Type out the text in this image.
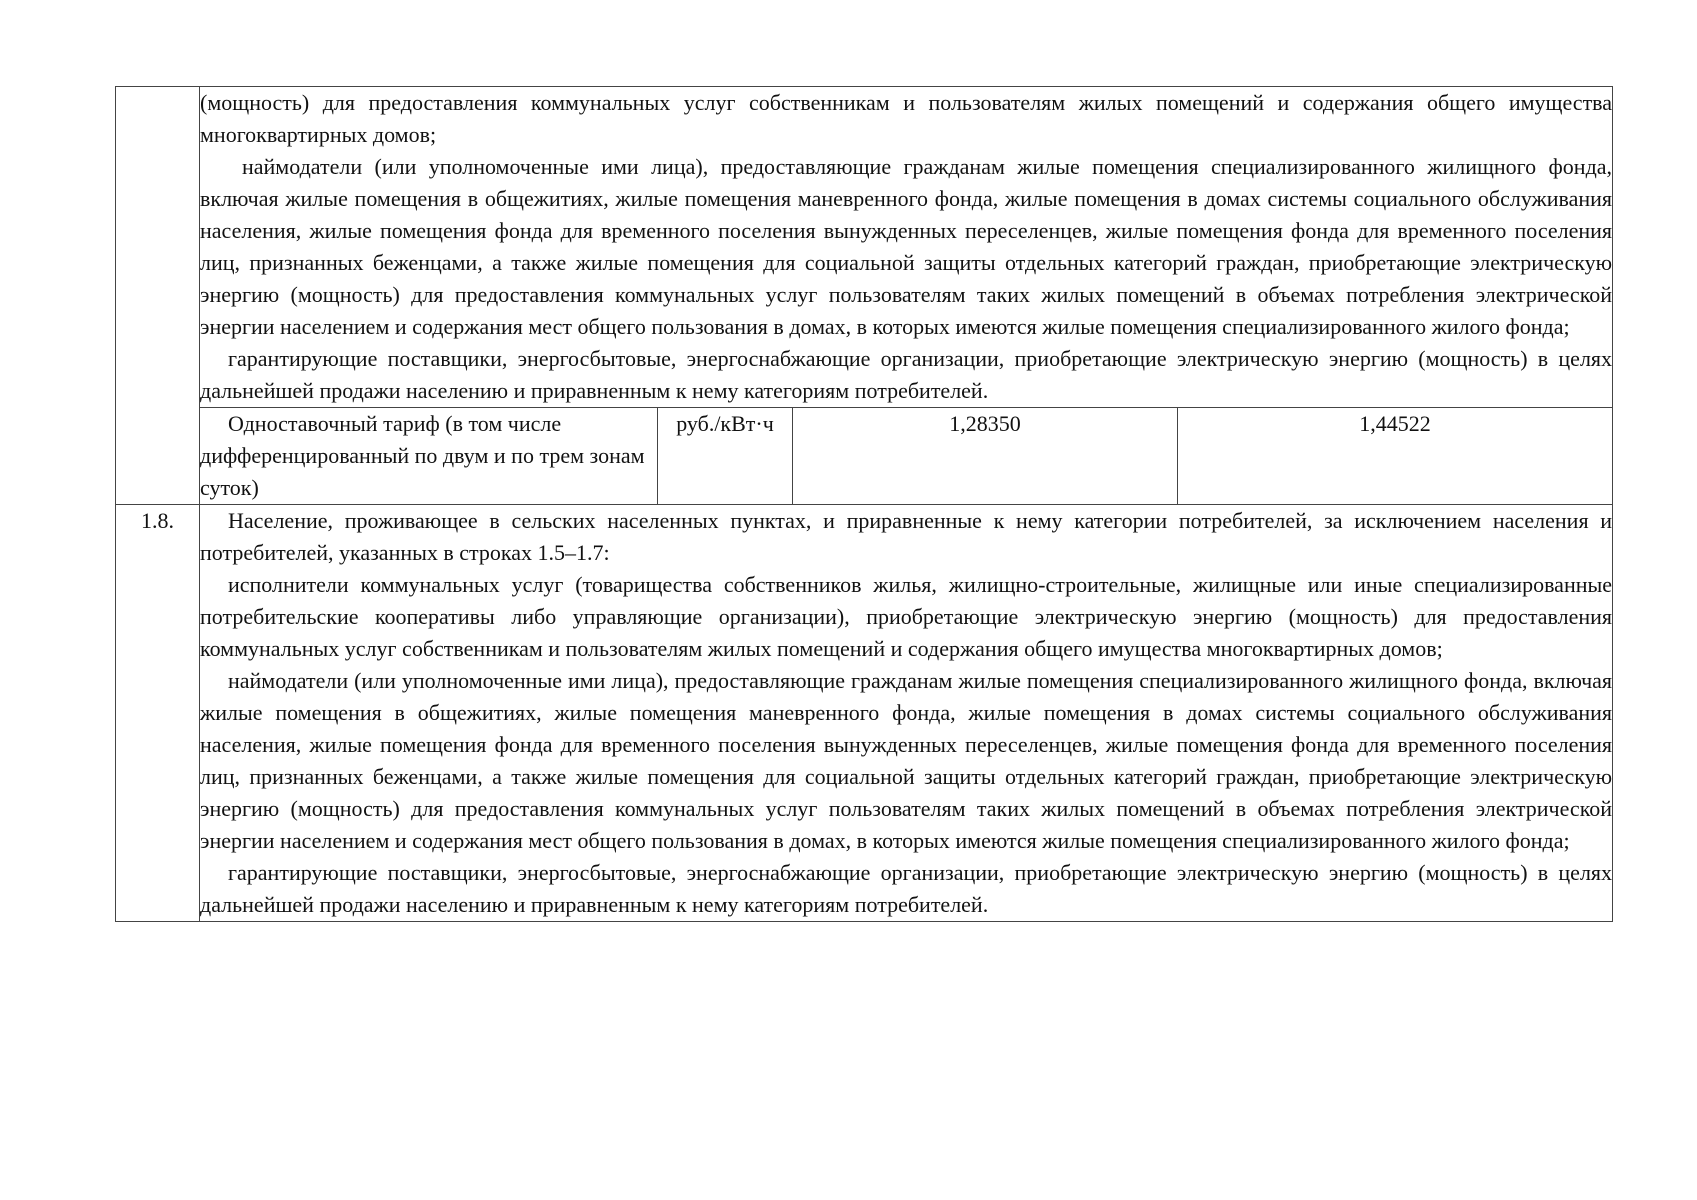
	(мощность) для предоставления коммунальных услуг собственникам и пользователям жилых помещений и содержания общего имущества многоквартирных домов;

наймодатели (или уполномоченные ими лица), предоставляющие гражданам жилые помещения специализированного жилищного фонда, включая жилые помещения в общежитиях, жилые помещения маневренного фонда, жилые помещения в домах системы социального обслуживания населения, жилые помещения фонда для временного поселения вынужденных переселенцев, жилые помещения фонда для временного поселения лиц, признанных беженцами, а также жилые помещения для социальной защиты отдельных категорий граждан, приобретающие электрическую энергию (мощность) для предоставления коммунальных услуг пользователям таких жилых помещений в объемах потребления электрической энергии населением и содержания мест общего пользования в домах, в которых имеются жилые помещения специализированного жилого фонда;

гарантирующие поставщики, энергосбытовые, энергоснабжающие организации, приобретающие электрическую энергию (мощность) в целях дальнейшей продажи населению и приравненным к нему категориям потребителей.			

	Одноставочный тариф (в том числе дифференцированный по двум и по трем зонам суток)	руб./кВт·ч	1,28350	1,44522
1.8.	Население, проживающее в сельских населенных пунктах, и приравненные к нему категории потребителей, за исключением населения и потребителей, указанных в строках 1.5–1.7:

исполнители коммунальных услуг (товарищества собственников жилья, жилищно-строительные, жилищные или иные специализированные потребительские кооперативы либо управляющие организации), приобретающие электрическую энергию (мощность) для предоставления коммунальных услуг собственникам и пользователям жилых помещений и содержания общего имущества многоквартирных домов;

наймодатели (или уполномоченные ими лица), предоставляющие гражданам жилые помещения специализированного жилищного фонда, включая жилые помещения в общежитиях, жилые помещения маневренного фонда, жилые помещения в домах системы социального обслуживания населения, жилые помещения фонда для временного поселения вынужденных переселенцев, жилые помещения фонда для временного поселения лиц, признанных беженцами, а также жилые помещения для социальной защиты отдельных категорий граждан, приобретающие электрическую энергию (мощность) для предоставления коммунальных услуг пользователям таких жилых помещений в объемах потребления электрической энергии населением и содержания мест общего пользования в домах, в которых имеются жилые помещения специализированного жилого фонда;

гарантирующие поставщики, энергосбытовые, энергоснабжающие организации, приобретающие электрическую энергию (мощность) в целях дальнейшей продажи населению и приравненным к нему категориям потребителей.			
